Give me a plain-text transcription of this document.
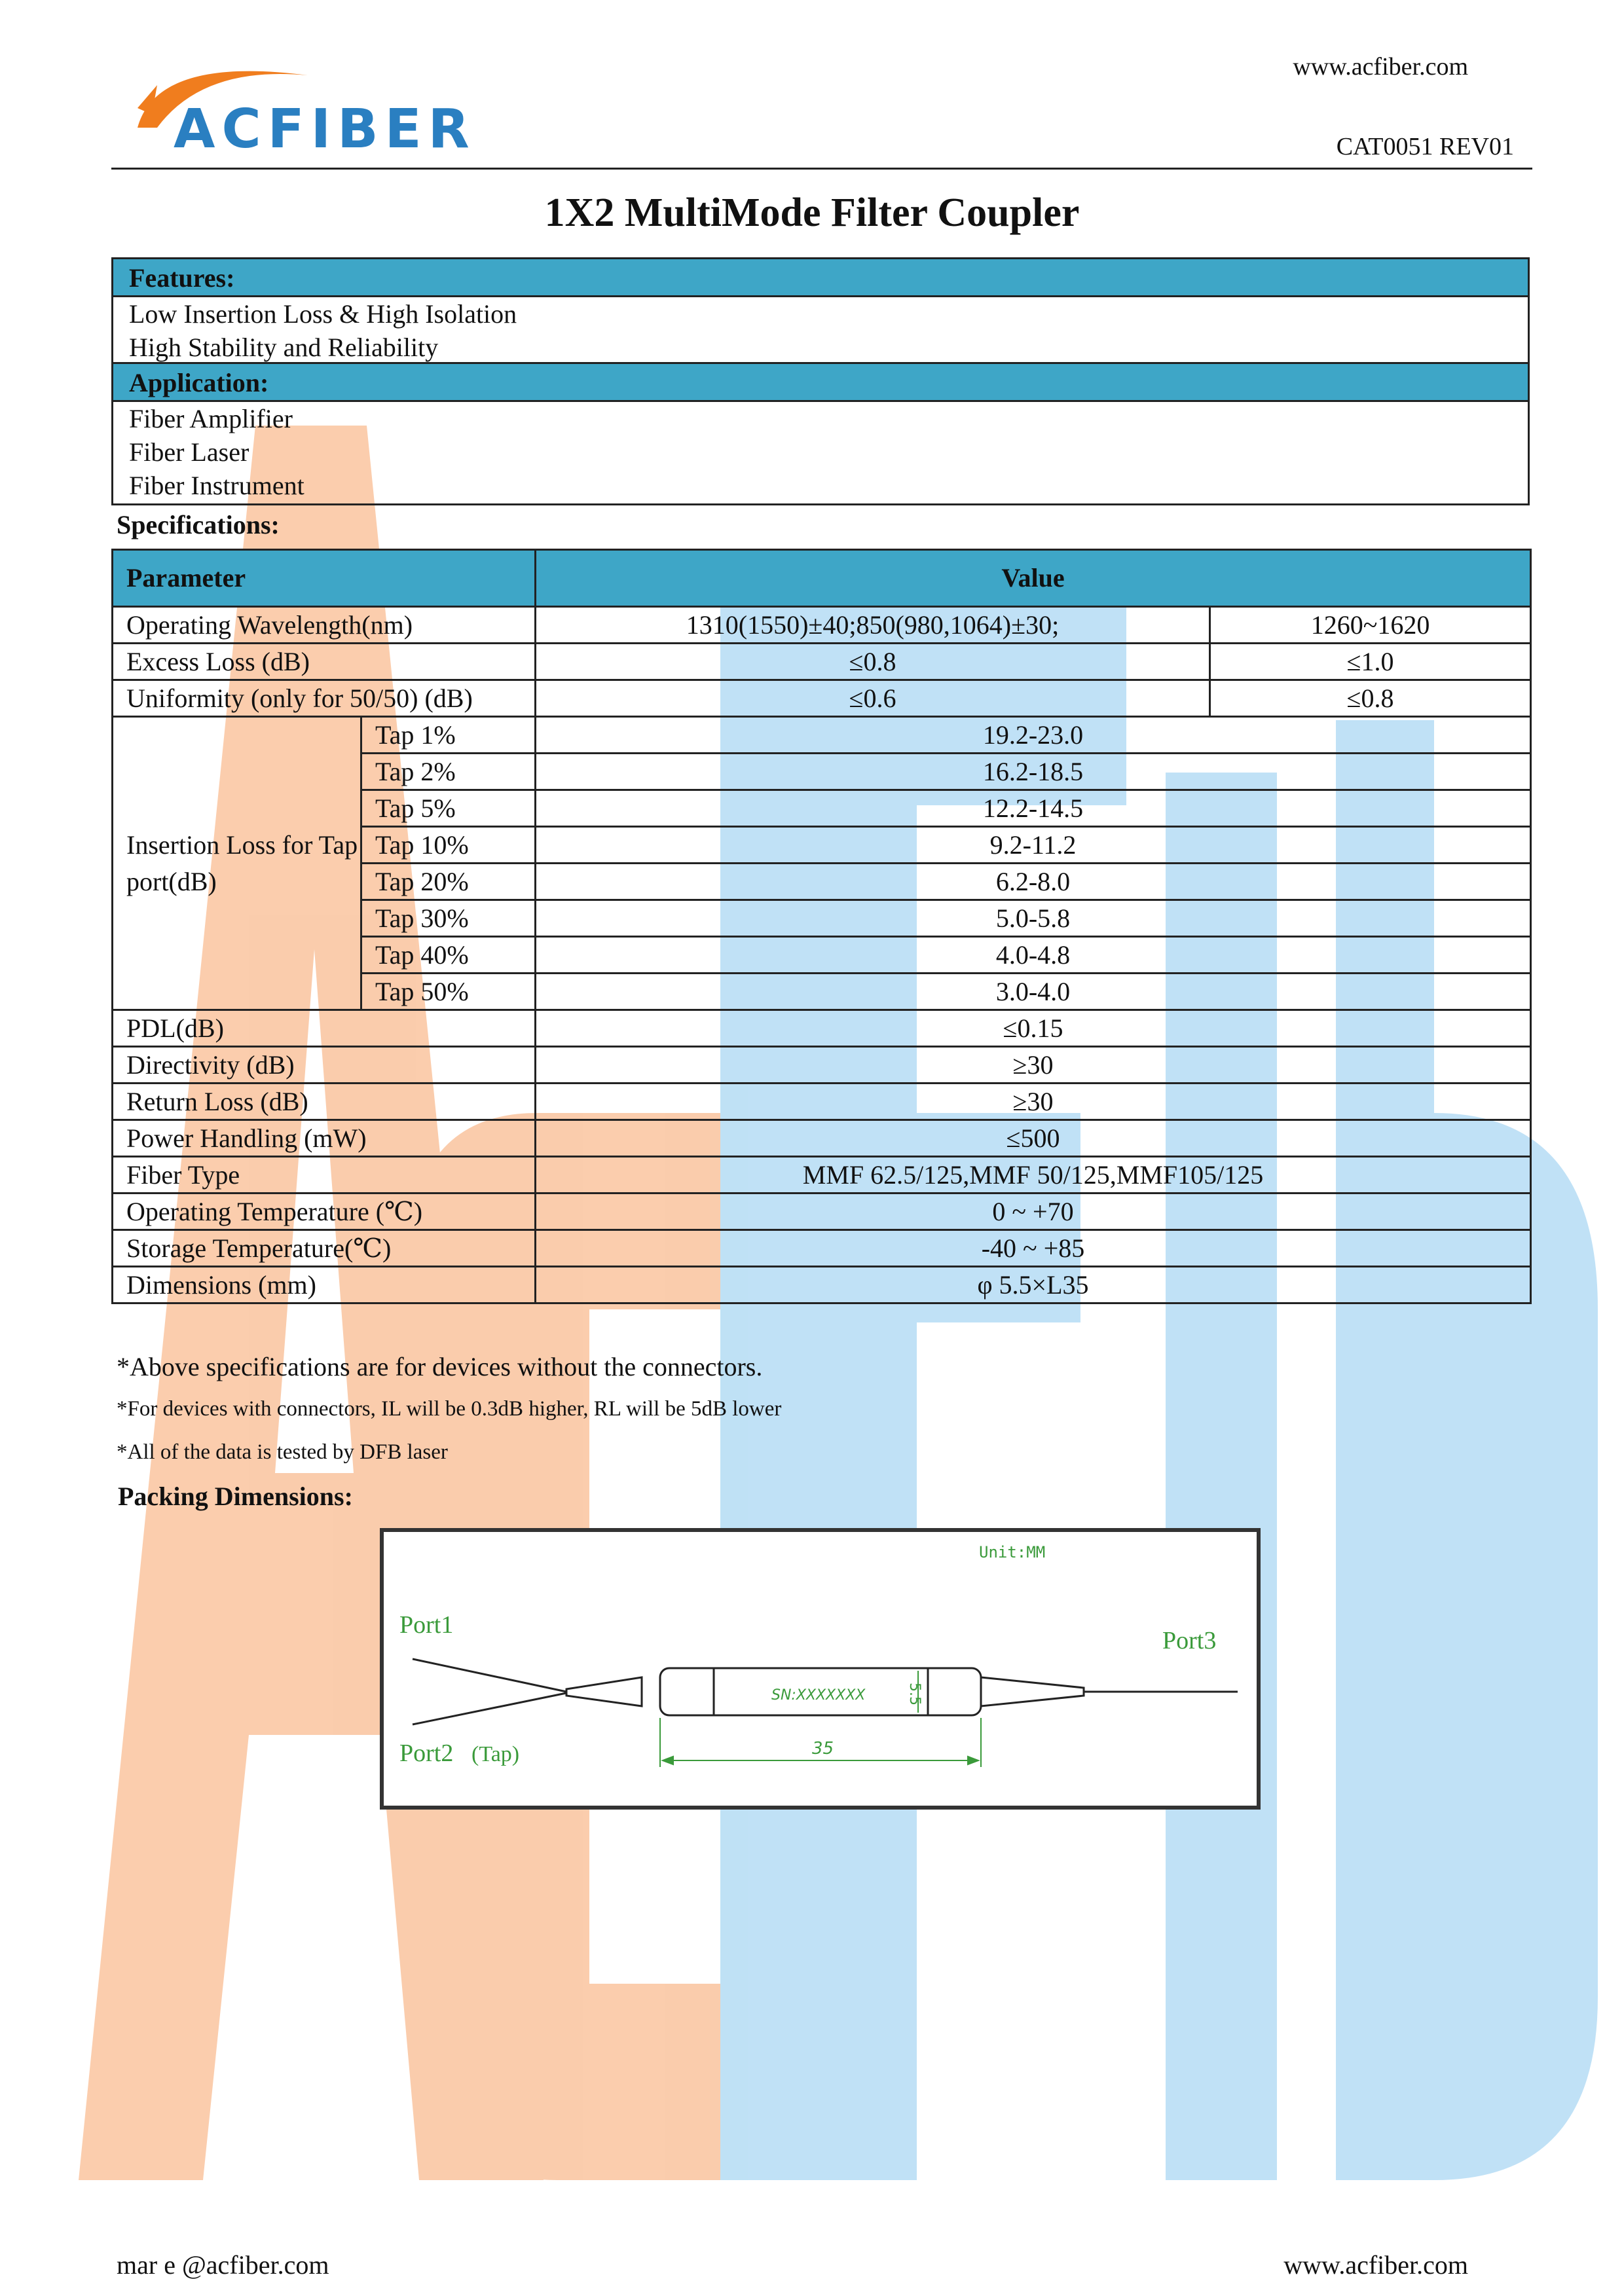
ACFIBER
www.acfiber.com
CAT0051 REV01
1X2 MultiMode Filter Coupler
Features:
Low Insertion Loss & High Isolation
High Stability and Reliability
Application:
Fiber Amplifier
Fiber Laser
Fiber Instrument
Specifications:
Parameter		Value	
Operating Wavelength(nm)		1310(1550)±40;850(980,1064)±30;	1260~1620
Excess Loss (dB)		≤0.8	≤1.0
Uniformity (only for 50/50) (dB)		≤0.6	≤0.8
Insertion Loss for Tap port(dB)	Tap 1%	19.2-23.0	
	Tap 2%	16.2-18.5	
	Tap 5%	12.2-14.5	
	Tap 10%	9.2-11.2	
	Tap 20%	6.2-8.0	
	Tap 30%	5.0-5.8	
	Tap 40%	4.0-4.8	
	Tap 50%	3.0-4.0	
PDL(dB)		≤0.15	
Directivity (dB)		≥30	
Return Loss (dB)		≥30	
Power Handling (mW)		≤500	
Fiber Type		MMF 62.5/125,MMF 50/125,MMF105/125	
Operating Temperature (℃)		0 ~ +70	
Storage Temperature(℃)		-40 ~ +85	
Dimensions (mm)		φ 5.5×L35	
*Above specifications are for devices without the connectors.
*For devices with connectors, IL will be 0.3dB higher, RL will be 5dB lower
*All of the data is tested by DFB laser
Packing Dimensions:
Unit:MM
Port1
Port2 (Tap)
Port3
SN:XXXXXXX	5.5
35
mar e @acfiber.com	www.acfiber.com
